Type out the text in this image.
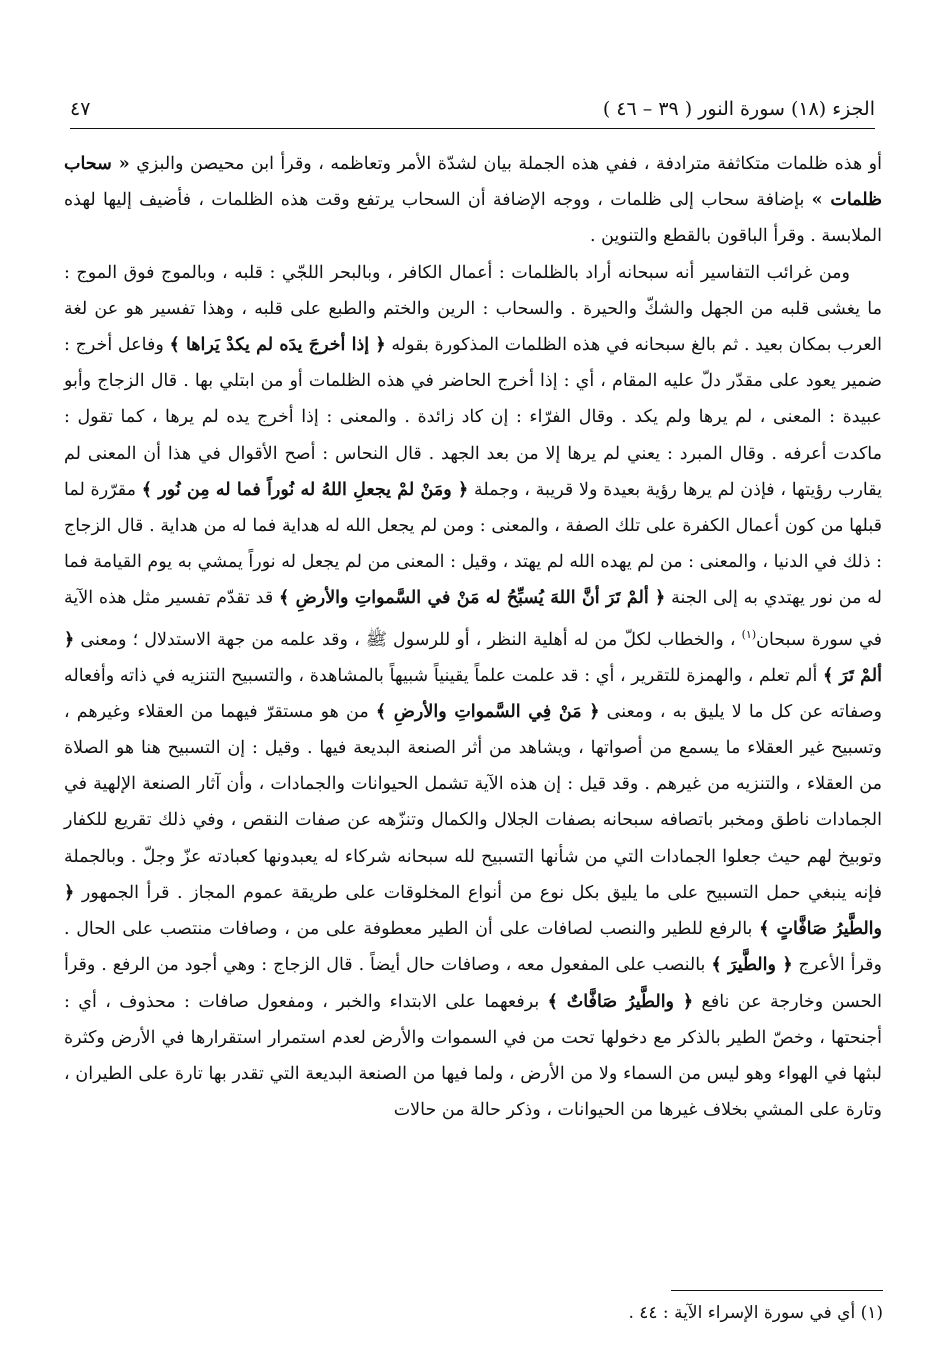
الجزء (١٨) سورة النور ( ٣٩ – ٤٦ )
٤٧

أو هذه ظلمات متكاثفة مترادفة ، ففي هذه الجملة بيان لشدّة الأمر وتعاظمه ، وقرأ ابن محيصن والبزي « سحاب ظلمات » بإضافة سحاب إلى ظلمات ، ووجه الإضافة أن السحاب يرتفع وقت هذه الظلمات ، فأضيف إليها لهذه الملابسة . وقرأ الباقون بالقطع والتنوين .

ومن غرائب التفاسير أنه سبحانه أراد بالظلمات : أعمال الكافر ، وبالبحر اللجّي : قلبه ، وبالموج فوق الموج : ما يغشى قلبه من الجهل والشكّ والحيرة . والسحاب : الرين والختم والطبع على قلبه ، وهذا تفسير هو عن لغة العرب بمكان بعيد . ثم بالغ سبحانه في هذه الظلمات المذكورة بقوله ﴿ إذا أخرجَ يدَه لم يكدْ يَراها ﴾ وفاعل أخرج : ضمير يعود على مقدّر دلّ عليه المقام ، أي : إذا أخرج الحاضر في هذه الظلمات أو من ابتلي بها . قال الزجاج وأبو عبيدة : المعنى ، لم يرها ولم يكد . وقال الفرّاء : إن كاد زائدة . والمعنى : إذا أخرج يده لم يرها ، كما تقول : ماكدت أعرفه . وقال المبرد : يعني لم يرها إلا من بعد الجهد . قال النحاس : أصح الأقوال في هذا أن المعنى لم يقارب رؤيتها ، فإذن لم يرها رؤية بعيدة ولا قريبة ، وجملة ﴿ ومَنْ لمْ يجعلِ اللهُ له نُوراً فما له مِن نُور ﴾ مقرّرة لما قبلها من كون أعمال الكفرة على تلك الصفة ، والمعنى : ومن لم يجعل الله له هداية فما له من هداية . قال الزجاج : ذلك في الدنيا ، والمعنى : من لم يهده الله لم يهتد ، وقيل : المعنى من لم يجعل له نوراً يمشي به يوم القيامة فما له من نور يهتدي به إلى الجنة ﴿ ألمْ تَرَ أنَّ اللهَ يُسبِّحُ له مَنْ في السَّمواتِ والأرضِ ﴾ قد تقدّم تفسير مثل هذه الآية في سورة سبحان$^{(١)}$ ، والخطاب لكلّ من له أهلية النظر ، أو للرسول ﷺ ، وقد علمه من جهة الاستدلال ؛ ومعنى ﴿ ألمْ تَرَ ﴾ ألم تعلم ، والهمزة للتقرير ، أي : قد علمت علماً يقينياً شبيهاً بالمشاهدة ، والتسبيح التنزيه في ذاته وأفعاله وصفاته عن كل ما لا يليق به ، ومعنى ﴿ مَنْ فِي السَّمواتِ والأرضِ ﴾ من هو مستقرّ فيهما من العقلاء وغيرهم ، وتسبيح غير العقلاء ما يسمع من أصواتها ، ويشاهد من أثر الصنعة البديعة فيها . وقيل : إن التسبيح هنا هو الصلاة من العقلاء ، والتنزيه من غيرهم . وقد قيل : إن هذه الآية تشمل الحيوانات والجمادات ، وأن آثار الصنعة الإلهية في الجمادات ناطق ومخبر باتصافه سبحانه بصفات الجلال والكمال وتنزّهه عن صفات النقص ، وفي ذلك تقريع للكفار وتوبيخ لهم حيث جعلوا الجمادات التي من شأنها التسبيح لله سبحانه شركاء له يعبدونها كعبادته عزّ وجلّ . وبالجملة فإنه ينبغي حمل التسبيح على ما يليق بكل نوع من أنواع المخلوقات على طريقة عموم المجاز . قرأ الجمهور ﴿ والطَّيرُ صَافَّاتٍ ﴾ بالرفع للطير والنصب لصافات على أن الطير معطوفة على من ، وصافات منتصب على الحال . وقرأ الأعرج ﴿ والطَّيرَ ﴾ بالنصب على المفعول معه ، وصافات حال أيضاً . قال الزجاج : وهي أجود من الرفع . وقرأ الحسن وخارجة عن نافع ﴿ والطَّيرُ صَافَّاتٌ ﴾ برفعهما على الابتداء والخبر ، ومفعول صافات : محذوف ، أي : أجنحتها ، وخصّ الطير بالذكر مع دخولها تحت من في السموات والأرض لعدم استمرار استقرارها في الأرض وكثرة لبثها في الهواء وهو ليس من السماء ولا من الأرض ، ولما فيها من الصنعة البديعة التي تقدر بها تارة على الطيران ، وتارة على المشي بخلاف غيرها من الحيوانات ، وذكر حالة من حالات

(١) أي في سورة الإسراء الآية : ٤٤ .
